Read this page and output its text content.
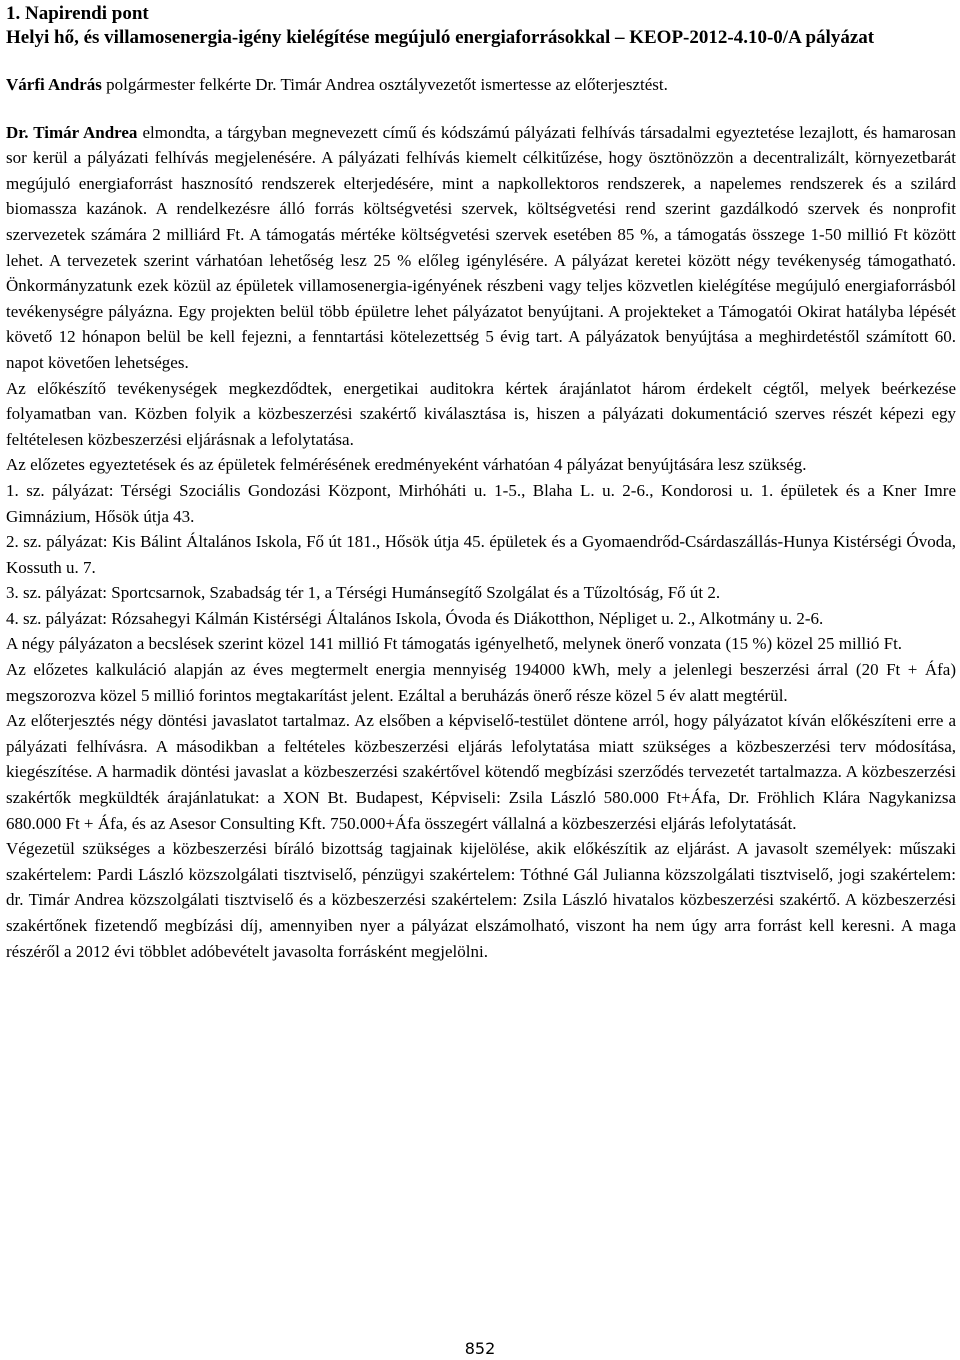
1. Napirendi pont
Helyi hő, és villamosenergia-igény kielégítése megújuló energiaforrásokkal – KEOP-2012-4.10-0/A pályázat

Várfi András polgármester felkérte Dr. Timár Andrea osztályvezetőt ismertesse az előterjesztést.

Dr. Timár Andrea elmondta, a tárgyban megnevezett című és kódszámú pályázati felhívás társadalmi egyeztetése lezajlott, és hamarosan sor kerül a pályázati felhívás megjelenésére. A pályázati felhívás kiemelt célkitűzése, hogy ösztönözzön a decentralizált, környezetbarát megújuló energiaforrást hasznosító rendszerek elterjedésére, mint a napkollektoros rendszerek, a napelemes rendszerek és a szilárd biomassza kazánok. A rendelkezésre álló forrás költségvetési szervek, költségvetési rend szerint gazdálkodó szervek és nonprofit szervezetek számára 2 milliárd Ft. A támogatás mértéke költségvetési szervek esetében 85 %, a támogatás összege 1-50 millió Ft között lehet. A tervezetek szerint várhatóan lehetőség lesz 25 % előleg igénylésére. A pályázat keretei között négy tevékenység támogatható. Önkormányzatunk ezek közül az épületek villamosenergia-igényének részbeni vagy teljes közvetlen kielégítése megújuló energiaforrásból tevékenységre pályázna. Egy projekten belül több épületre lehet pályázatot benyújtani. A projekteket a Támogatói Okirat hatályba lépését követő 12 hónapon belül be kell fejezni, a fenntartási kötelezettség 5 évig tart. A pályázatok benyújtása a meghirdetéstől számított 60. napot követően lehetséges.

Az előkészítő tevékenységek megkezdődtek, energetikai auditokra kértek árajánlatot három érdekelt cégtől, melyek beérkezése folyamatban van. Közben folyik a közbeszerzési szakértő kiválasztása is, hiszen a pályázati dokumentáció szerves részét képezi egy feltételesen közbeszerzési eljárásnak a lefolytatása.

Az előzetes egyeztetések és az épületek felmérésének eredményeként várhatóan 4 pályázat benyújtására lesz szükség.

1. sz. pályázat: Térségi Szociális Gondozási Központ, Mirhóháti u. 1-5., Blaha L. u. 2-6., Kondorosi u. 1. épületek és a Kner Imre Gimnázium, Hősök útja 43.

2. sz. pályázat: Kis Bálint Általános Iskola, Fő út 181., Hősök útja 45. épületek és a Gyomaendrőd-Csárdaszállás-Hunya Kistérségi Óvoda, Kossuth u. 7.

3. sz. pályázat: Sportcsarnok, Szabadság tér 1, a Térségi Humánsegítő Szolgálat és a Tűzoltóság, Fő út 2.

4. sz. pályázat: Rózsahegyi Kálmán Kistérségi Általános Iskola, Óvoda és Diákotthon, Népliget u. 2., Alkotmány u. 2-6.

A négy pályázaton a becslések szerint közel 141 millió Ft támogatás igényelhető, melynek önerő vonzata (15 %) közel 25 millió Ft.

Az előzetes kalkuláció alapján az éves megtermelt energia mennyiség 194000 kWh, mely a jelenlegi beszerzési árral (20 Ft + Áfa) megszorozva közel 5 millió forintos megtakarítást jelent. Ezáltal a beruházás önerő része közel 5 év alatt megtérül.

Az előterjesztés négy döntési javaslatot tartalmaz. Az elsőben a képviselő-testület döntene arról, hogy pályázatot kíván előkészíteni erre a pályázati felhívásra. A másodikban a feltételes közbeszerzési eljárás lefolytatása miatt szükséges a közbeszerzési terv módosítása, kiegészítése. A harmadik döntési javaslat a közbeszerzési szakértővel kötendő megbízási szerződés tervezetét tartalmazza. A közbeszerzési szakértők megküldték árajánlatukat: a XON Bt. Budapest, Képviseli: Zsila László 580.000 Ft+Áfa, Dr. Fröhlich Klára Nagykanizsa 680.000 Ft + Áfa, és az Asesor Consulting Kft. 750.000+Áfa összegért vállalná a közbeszerzési eljárás lefolytatását.

Végezetül szükséges a közbeszerzési bíráló bizottság tagjainak kijelölése, akik előkészítik az eljárást. A javasolt személyek: műszaki szakértelem: Pardi László közszolgálati tisztviselő, pénzügyi szakértelem: Tóthné Gál Julianna közszolgálati tisztviselő, jogi szakértelem: dr. Timár Andrea közszolgálati tisztviselő és a közbeszerzési szakértelem: Zsila László hivatalos közbeszerzési szakértő. A közbeszerzési szakértőnek fizetendő megbízási díj, amennyiben nyer a pályázat elszámolható, viszont ha nem úgy arra forrást kell keresni. A maga részéről a 2012 évi többlet adóbevételt javasolta forrásként megjelölni.

852
